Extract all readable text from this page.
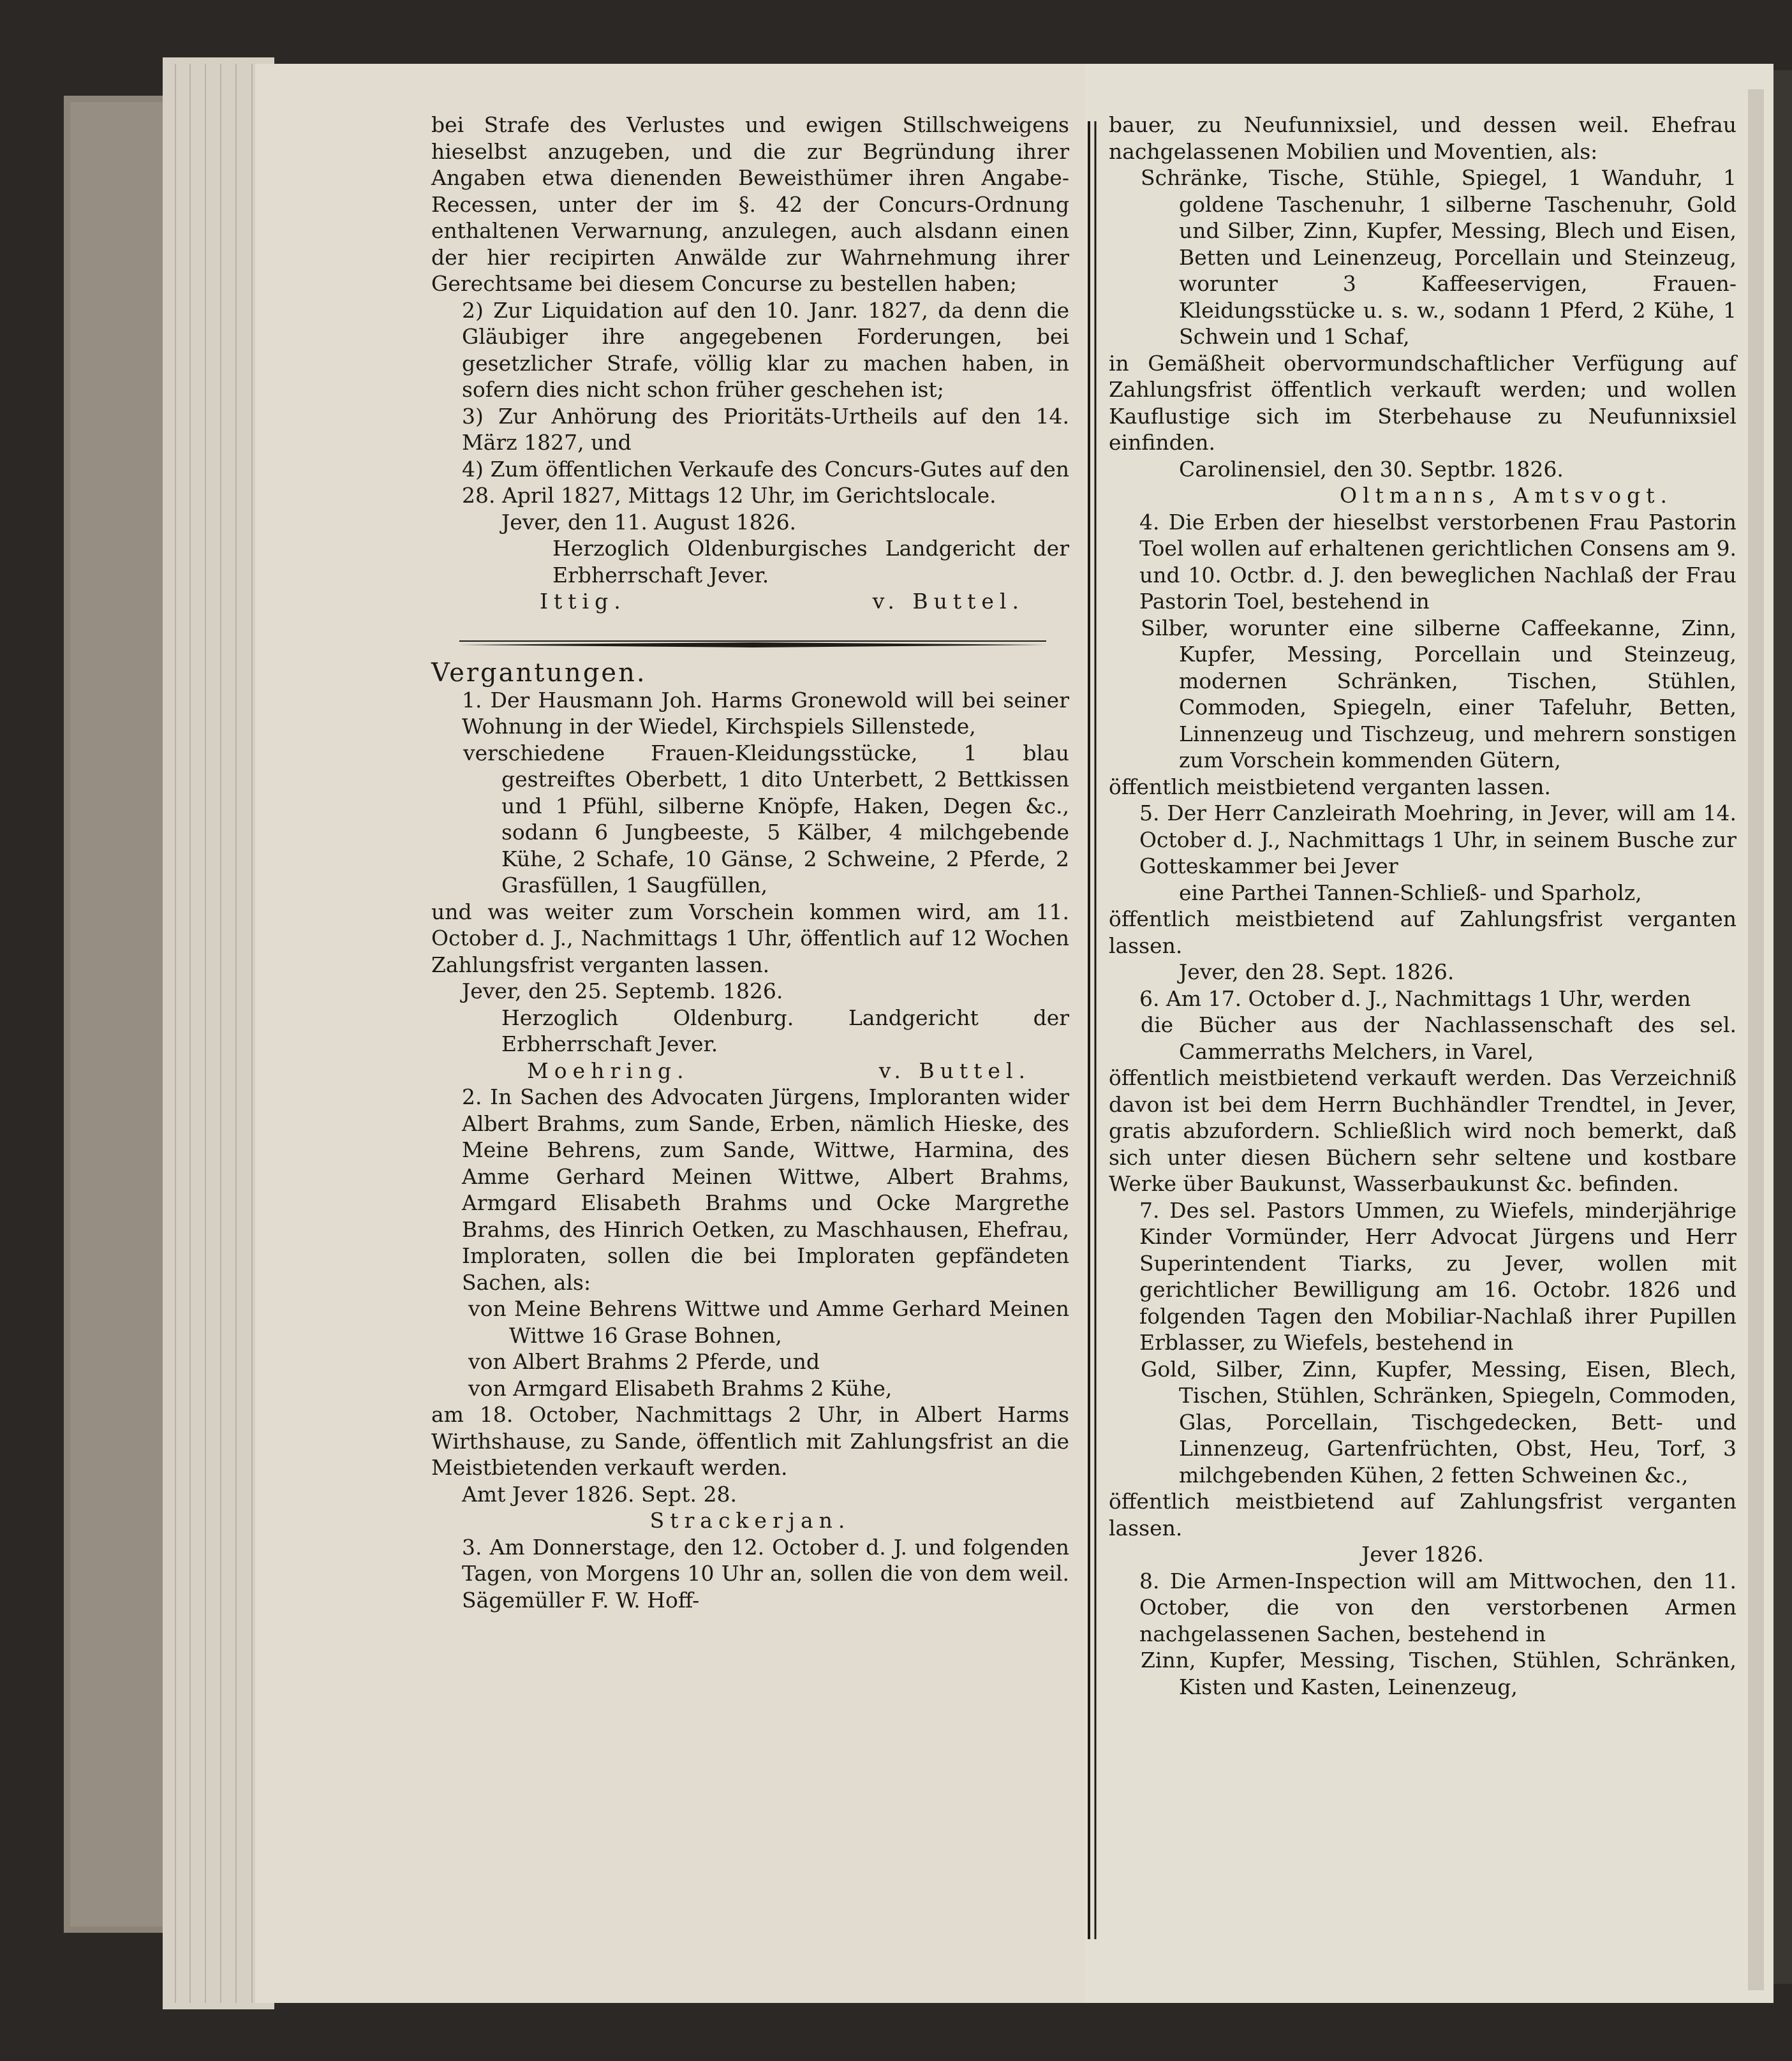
bei Strafe des Verlustes und ewigen Stillschweigens hieselbst anzugeben, und die zur Begründung ihrer Angaben etwa dienenden Beweisthümer ihren Angabe-Recessen, unter der im §. 42 der Concurs-Ordnung enthaltenen Verwarnung, anzulegen, auch alsdann einen der hier recipirten Anwälde zur Wahrnehmung ihrer Gerechtsame bei diesem Concurse zu bestellen haben;

2) Zur Liquidation auf den 10. Janr. 1827, da denn die Gläubiger ihre angegebenen Forderungen, bei gesetzlicher Strafe, völlig klar zu machen haben, in sofern dies nicht schon früher geschehen ist;

3) Zur Anhörung des Prioritäts-Urtheils auf den 14. März 1827, und

4) Zum öffentlichen Verkaufe des Concurs-Gutes auf den 28. April 1827, Mittags 12 Uhr, im Gerichtslocale.

Jever, den 11. August 1826.

Herzoglich Oldenburgisches Landgericht der Erbherrschaft Jever.

Ittig.	v. Buttel.

Vergantungen.

1. Der Hausmann Joh. Harms Gronewold will bei seiner Wohnung in der Wiedel, Kirchspiels Sillenstede,

verschiedene Frauen-Kleidungsstücke, 1 blau gestreiftes Oberbett, 1 dito Unterbett, 2 Bettkissen und 1 Pfühl, silberne Knöpfe, Haken, Degen &c., sodann 6 Jungbeeste, 5 Kälber, 4 milchgebende Kühe, 2 Schafe, 10 Gänse, 2 Schweine, 2 Pferde, 2 Grasfüllen, 1 Saugfüllen,

und was weiter zum Vorschein kommen wird, am 11. October d. J., Nachmittags 1 Uhr, öffentlich auf 12 Wochen Zahlungsfrist verganten lassen.

Jever, den 25. Septemb. 1826.

Herzoglich Oldenburg. Landgericht der Erbherrschaft Jever.

Moehring.	v. Buttel.

2. In Sachen des Advocaten Jürgens, Imploranten wider Albert Brahms, zum Sande, Erben, nämlich Hieske, des Meine Behrens, zum Sande, Wittwe, Harmina, des Amme Gerhard Meinen Wittwe, Albert Brahms, Armgard Elisabeth Brahms und Ocke Margrethe Brahms, des Hinrich Oetken, zu Maschhausen, Ehefrau, Imploraten, sollen die bei Imploraten gepfändeten Sachen, als:

von Meine Behrens Wittwe und Amme Gerhard Meinen Wittwe 16 Grase Bohnen,

von Albert Brahms 2 Pferde, und

von Armgard Elisabeth Brahms 2 Kühe,

am 18. October, Nachmittags 2 Uhr, in Albert Harms Wirthshause, zu Sande, öffentlich mit Zahlungsfrist an die Meistbietenden verkauft werden.

Amt Jever 1826. Sept. 28.

Strackerjan.

3. Am Donnerstage, den 12. October d. J. und folgenden Tagen, von Morgens 10 Uhr an, sollen die von dem weil. Sägemüller F. W. Hoff-

bauer, zu Neufunnixsiel, und dessen weil. Ehefrau nachgelassenen Mobilien und Moventien, als:

Schränke, Tische, Stühle, Spiegel, 1 Wanduhr, 1 goldene Taschenuhr, 1 silberne Taschenuhr, Gold und Silber, Zinn, Kupfer, Messing, Blech und Eisen, Betten und Leinenzeug, Porcellain und Steinzeug, worunter 3 Kaffeeservigen, Frauen-Kleidungsstücke u. s. w., sodann 1 Pferd, 2 Kühe, 1 Schwein und 1 Schaf,

in Gemäßheit obervormundschaftlicher Verfügung auf Zahlungsfrist öffentlich verkauft werden; und wollen Kauflustige sich im Sterbehause zu Neufunnixsiel einfinden.

Carolinensiel, den 30. Septbr. 1826.

Oltmanns, Amtsvogt.

4. Die Erben der hieselbst verstorbenen Frau Pastorin Toel wollen auf erhaltenen gerichtlichen Consens am 9. und 10. Octbr. d. J. den beweglichen Nachlaß der Frau Pastorin Toel, bestehend in

Silber, worunter eine silberne Caffeekanne, Zinn, Kupfer, Messing, Porcellain und Steinzeug, modernen Schränken, Tischen, Stühlen, Commoden, Spiegeln, einer Tafeluhr, Betten, Linnenzeug und Tischzeug, und mehrern sonstigen zum Vorschein kommenden Gütern,

öffentlich meistbietend verganten lassen.

5. Der Herr Canzleirath Moehring, in Jever, will am 14. October d. J., Nachmittags 1 Uhr, in seinem Busche zur Gotteskammer bei Jever

eine Parthei Tannen-Schließ- und Sparholz,

öffentlich meistbietend auf Zahlungsfrist verganten lassen.

Jever, den 28. Sept. 1826.

6. Am 17. October d. J., Nachmittags 1 Uhr, werden

die Bücher aus der Nachlassenschaft des sel. Cammerraths Melchers, in Varel,

öffentlich meistbietend verkauft werden. Das Verzeichniß davon ist bei dem Herrn Buchhändler Trendtel, in Jever, gratis abzufordern. Schließlich wird noch bemerkt, daß sich unter diesen Büchern sehr seltene und kostbare Werke über Baukunst, Wasserbaukunst &c. befinden.

7. Des sel. Pastors Ummen, zu Wiefels, minderjährige Kinder Vormünder, Herr Advocat Jürgens und Herr Superintendent Tiarks, zu Jever, wollen mit gerichtlicher Bewilligung am 16. Octobr. 1826 und folgenden Tagen den Mobiliar-Nachlaß ihrer Pupillen Erblasser, zu Wiefels, bestehend in

Gold, Silber, Zinn, Kupfer, Messing, Eisen, Blech, Tischen, Stühlen, Schränken, Spiegeln, Commoden, Glas, Porcellain, Tischgedecken, Bett- und Linnenzeug, Gartenfrüchten, Obst, Heu, Torf, 3 milchgebenden Kühen, 2 fetten Schweinen &c.,

öffentlich meistbietend auf Zahlungsfrist verganten lassen.

Jever 1826.

8. Die Armen-Inspection will am Mittwochen, den 11. October, die von den verstorbenen Armen nachgelassenen Sachen, bestehend in

Zinn, Kupfer, Messing, Tischen, Stühlen, Schränken, Kisten und Kasten, Leinenzeug,
